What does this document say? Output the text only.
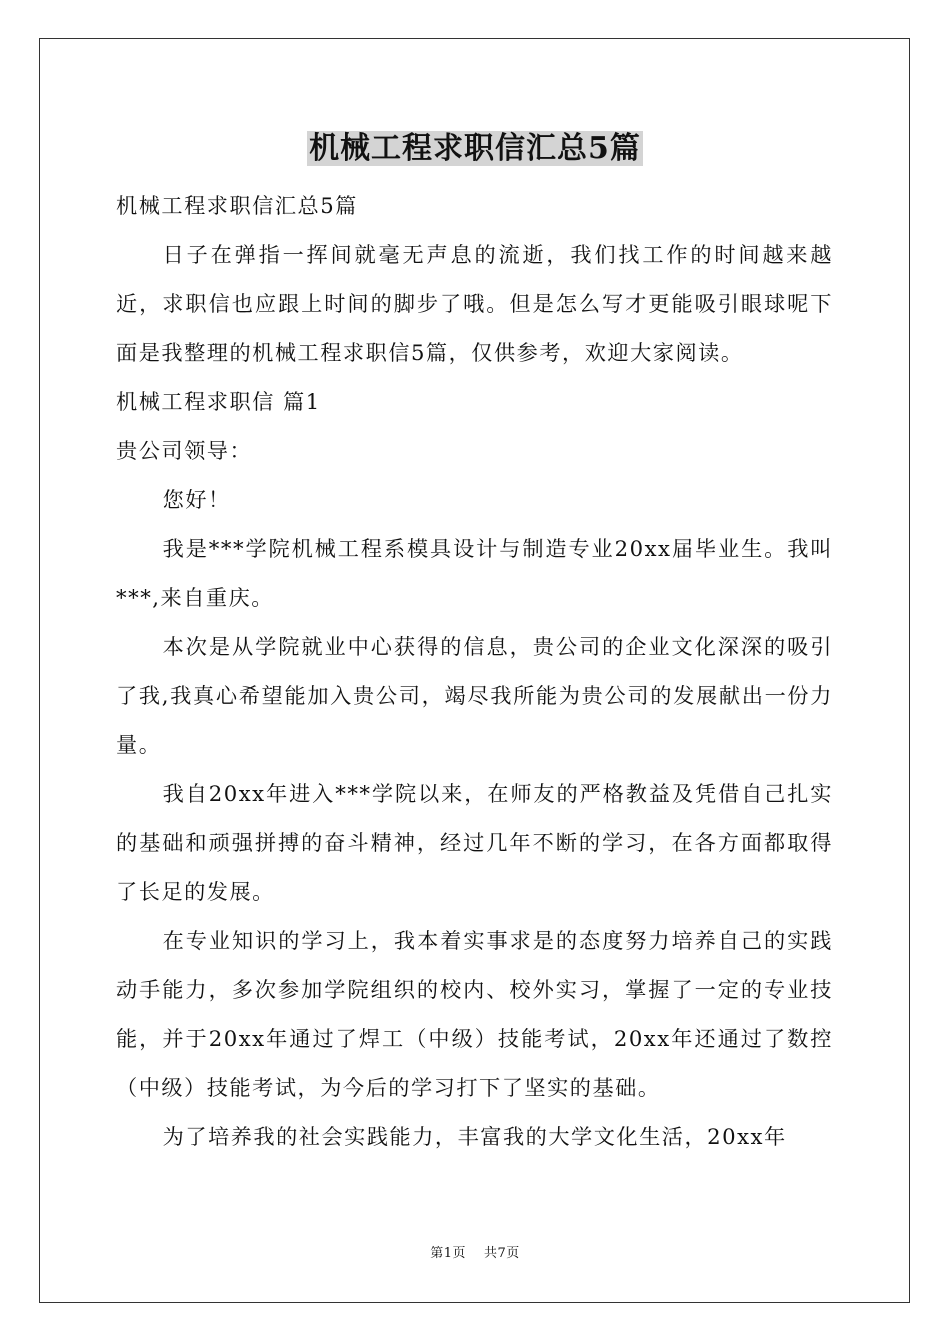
机械工程求职信汇总5篇

机械工程求职信汇总5篇

日子在弹指一挥间就毫无声息的流逝，我们找工作的时间越来越近，求职信也应跟上时间的脚步了哦。但是怎么写才更能吸引眼球呢下面是我整理的机械工程求职信5篇，仅供参考，欢迎大家阅读。

机械工程求职信 篇1

贵公司领导：

您好！

我是***学院机械工程系模具设计与制造专业20xx届毕业生。我叫***,来自重庆。

本次是从学院就业中心获得的信息，贵公司的企业文化深深的吸引了我,我真心希望能加入贵公司，竭尽我所能为贵公司的发展献出一份力量。

我自20xx年进入***学院以来，在师友的严格教益及凭借自己扎实的基础和顽强拼搏的奋斗精神，经过几年不断的学习，在各方面都取得了长足的发展。

在专业知识的学习上，我本着实事求是的态度努力培养自己的实践动手能力，多次参加学院组织的校内、校外实习，掌握了一定的专业技能，并于20xx年通过了焊工（中级）技能考试，20xx年还通过了数控（中级）技能考试，为今后的学习打下了坚实的基础。

为了培养我的社会实践能力，丰富我的大学文化生活，20xx年

第1页 共7页
